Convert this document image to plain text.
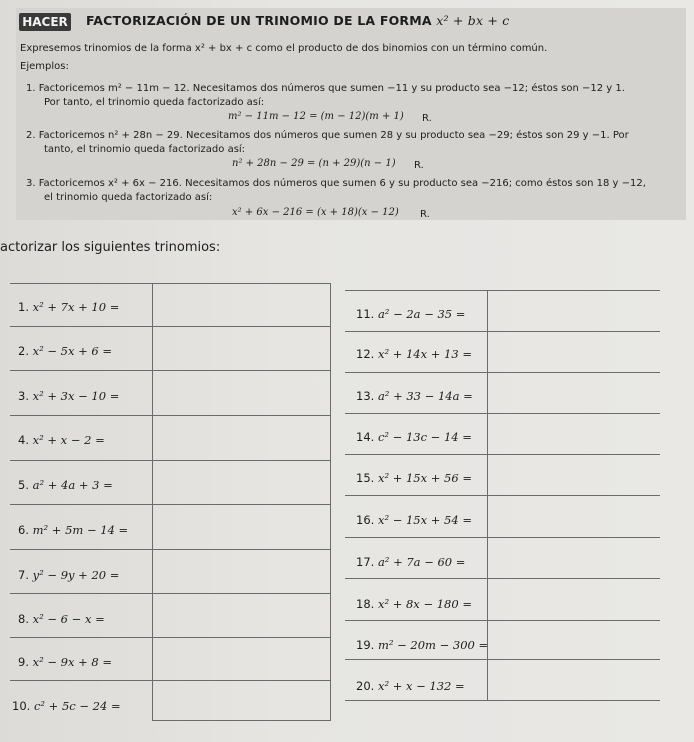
HACER FACTORIZACIÓN DE UN TRINOMIO DE LA FORMA x² + bx + c
Expresemos trinomios de la forma x² + bx + c como el producto de dos binomios con un término común.
Ejemplos:
1. Factoricemos m² − 11m − 12. Necesitamos dos números que sumen −11 y su producto sea −12; éstos son −12 y 1.
Por tanto, el trinomio queda factorizado así:
m² − 11m − 12 = (m − 12)(m + 1) R.
2. Factoricemos n² + 28n − 29. Necesitamos dos números que sumen 28 y su producto sea −29; éstos son 29 y −1. Por
tanto, el trinomio queda factorizado así:
n² + 28n − 29 = (n + 29)(n − 1) R.
3. Factoricemos x² + 6x − 216. Necesitamos dos números que sumen 6 y su producto sea −216; como éstos son 18 y −12,
el trinomio queda factorizado así:
x² + 6x − 216 = (x + 18)(x − 12) R.
actorizar los siguientes trinomios:
1. x² + 7x + 10 =
2. x² − 5x + 6 =
3. x² + 3x − 10 =
4. x² + x − 2 =
5. a² + 4a + 3 =
6. m² + 5m − 14 =
7. y² − 9y + 20 =
8. x² − 6 − x =
9. x² − 9x + 8 =
10. c² + 5c − 24 =
11. a² − 2a − 35 =
12. x² + 14x + 13 =
13. a² + 33 − 14a =
14. c² − 13c − 14 =
15. x² + 15x + 56 =
16. x² − 15x + 54 =
17. a² + 7a − 60 =
18. x² + 8x − 180 =
19. m² − 20m − 300 =
20. x² + x − 132 =
